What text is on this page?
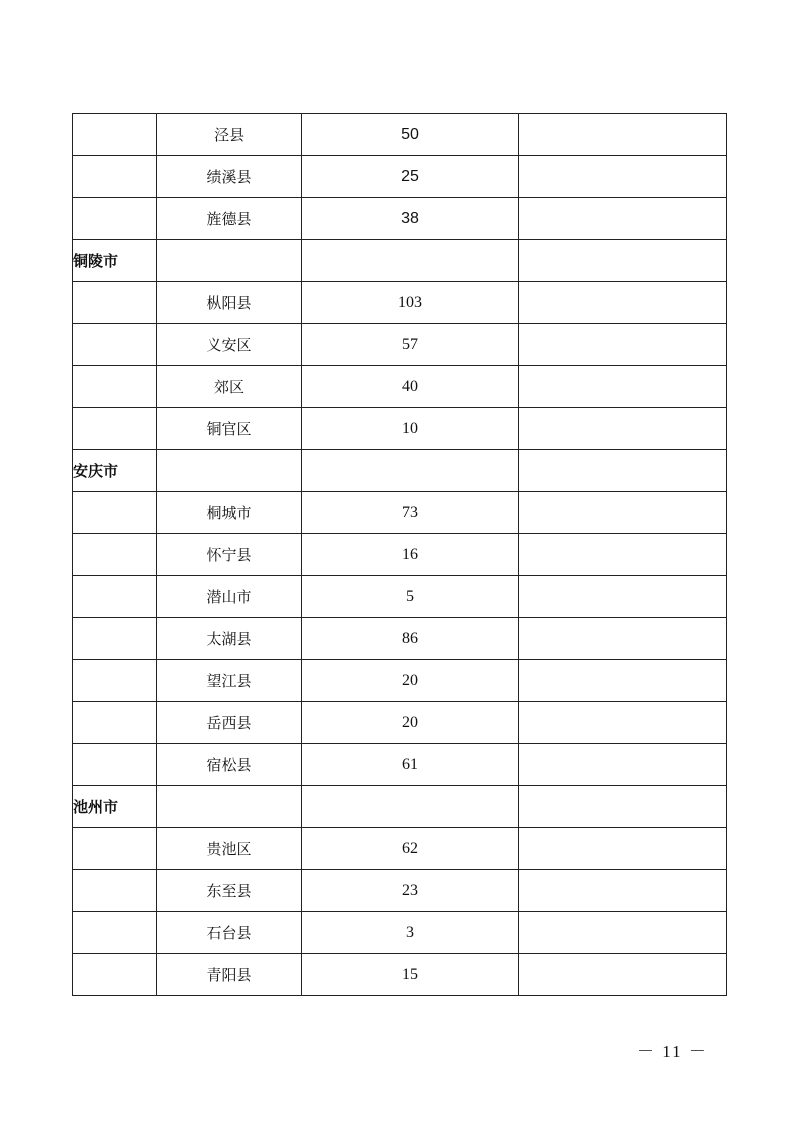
	泾县	50	
	绩溪县	25	
	旌德县	38	
铜陵市			
	枞阳县	103	
	义安区	57	
	郊区	40	
	铜官区	10	
安庆市			
	桐城市	73	
	怀宁县	16	
	潜山市	5	
	太湖县	86	
	望江县	20	
	岳西县	20	
	宿松县	61	
池州市			
	贵池区	62	
	东至县	23	
	石台县	3	
	青阳县	15	
－ 11 －
